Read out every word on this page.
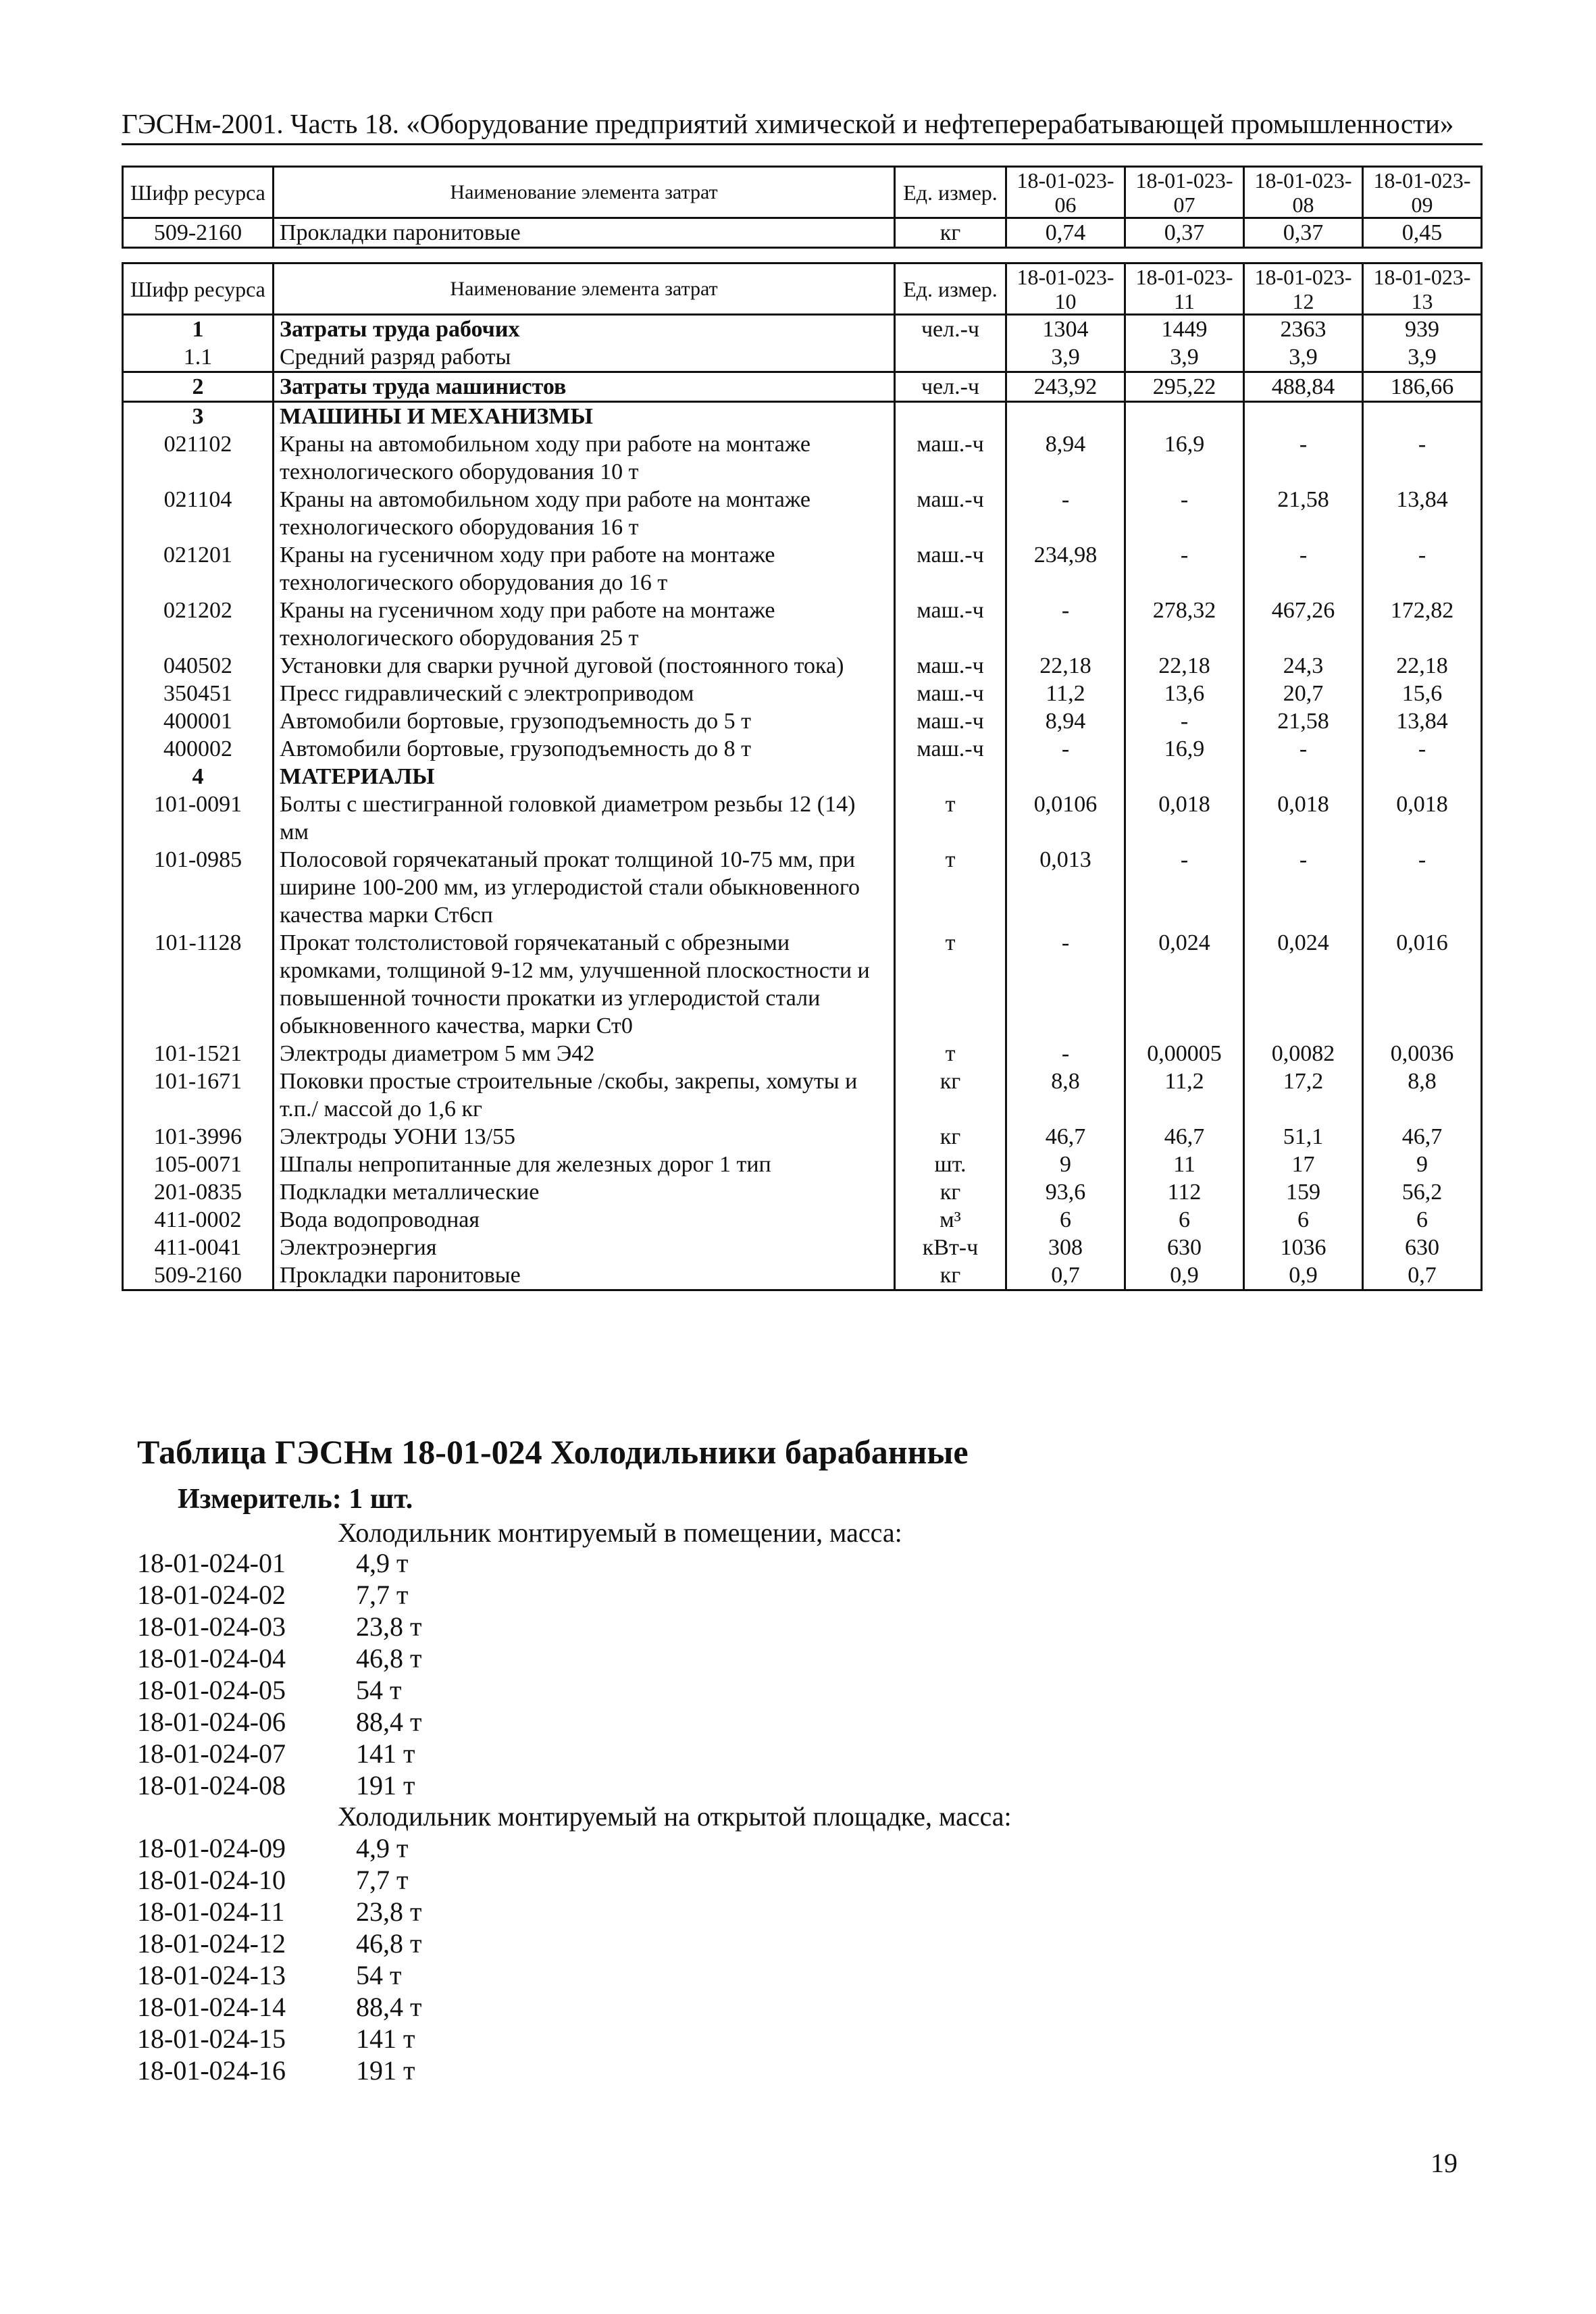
ГЭСНм-2001. Часть 18. «Оборудование предприятий химической и нефтеперерабатывающей промышленности»
Шифр ресурса	Наименование элемента затрат	Ед. измер.	18-01-023-06	18-01-023-07	18-01-023-08	18-01-023-09
509-2160	Прокладки паронитовые	кг	0,74	0,37	0,37	0,45
Шифр ресурса	Наименование элемента затрат	Ед. измер.	18-01-023-10	18-01-023-11	18-01-023-12	18-01-023-13
1	Затраты труда рабочих	чел.-ч	1304	1449	2363	939
1.1	Средний разряд работы		3,9	3,9	3,9	3,9
2	Затраты труда машинистов	чел.-ч	243,92	295,22	488,84	186,66
3	МАШИНЫ И МЕХАНИЗМЫ					
021102	Краны на автомобильном ходу при работе на монтаже технологического оборудования 10 т	маш.-ч	8,94	16,9	-	-
021104	Краны на автомобильном ходу при работе на монтаже технологического оборудования 16 т	маш.-ч	-	-	21,58	13,84
021201	Краны на гусеничном ходу при работе на монтаже технологического оборудования до 16 т	маш.-ч	234,98	-	-	-
021202	Краны на гусеничном ходу при работе на монтаже технологического оборудования 25 т	маш.-ч	-	278,32	467,26	172,82
040502	Установки для сварки ручной дуговой (постоянного тока)	маш.-ч	22,18	22,18	24,3	22,18
350451	Пресс гидравлический с электроприводом	маш.-ч	11,2	13,6	20,7	15,6
400001	Автомобили бортовые, грузоподъемность до 5 т	маш.-ч	8,94	-	21,58	13,84
400002	Автомобили бортовые, грузоподъемность до 8 т	маш.-ч	-	16,9	-	-
4	МАТЕРИАЛЫ					
101-0091	Болты с шестигранной головкой диаметром резьбы 12 (14) мм	т	0,0106	0,018	0,018	0,018
101-0985	Полосовой горячекатаный прокат толщиной 10-75 мм, при ширине 100-200 мм, из углеродистой стали обыкновенного качества марки Ст6сп	т	0,013	-	-	-
101-1128	Прокат толстолистовой горячекатаный с обрезными кромками, толщиной 9-12 мм, улучшенной плоскостности и повышенной точности прокатки из углеродистой стали обыкновенного качества, марки Ст0	т	-	0,024	0,024	0,016
101-1521	Электроды диаметром 5 мм Э42	т	-	0,00005	0,0082	0,0036
101-1671	Поковки простые строительные /скобы, закрепы, хомуты и т.п./ массой до 1,6 кг	кг	8,8	11,2	17,2	8,8
101-3996	Электроды УОНИ 13/55	кг	46,7	46,7	51,1	46,7
105-0071	Шпалы непропитанные для железных дорог 1 тип	шт.	9	11	17	9
201-0835	Подкладки металлические	кг	93,6	112	159	56,2
411-0002	Вода водопроводная	м³	6	6	6	6
411-0041	Электроэнергия	кВт-ч	308	630	1036	630
509-2160	Прокладки паронитовые	кг	0,7	0,9	0,9	0,7
Таблица ГЭСНм 18-01-024 Холодильники барабанные
Измеритель: 1 шт.
Холодильник монтируемый в помещении, масса:
18-01-024-01	4,9 т
18-01-024-02	7,7 т
18-01-024-03	23,8 т
18-01-024-04	46,8 т
18-01-024-05	54 т
18-01-024-06	88,4 т
18-01-024-07	141 т
18-01-024-08	191 т
Холодильник монтируемый на открытой площадке, масса:
18-01-024-09	4,9 т
18-01-024-10	7,7 т
18-01-024-11	23,8 т
18-01-024-12	46,8 т
18-01-024-13	54 т
18-01-024-14	88,4 т
18-01-024-15	141 т
18-01-024-16	191 т
19
